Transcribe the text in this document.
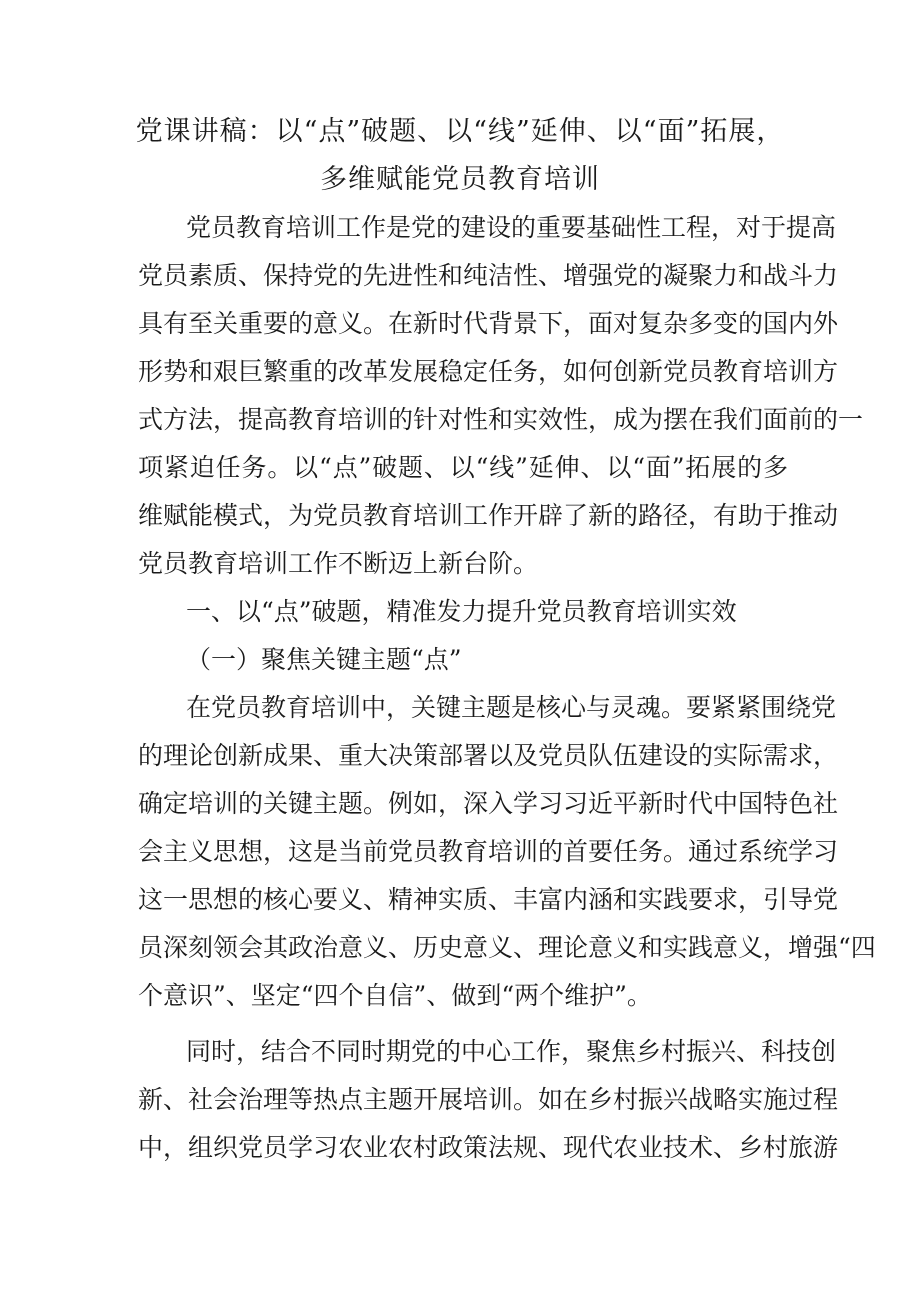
党课讲稿：以“点”破题、以“线”延伸、以“面”拓展，
多维赋能党员教育培训
党员教育培训工作是党的建设的重要基础性工程，对于提高
党员素质、保持党的先进性和纯洁性、增强党的凝聚力和战斗力
具有至关重要的意义。在新时代背景下，面对复杂多变的国内外
形势和艰巨繁重的改革发展稳定任务，如何创新党员教育培训方
式方法，提高教育培训的针对性和实效性，成为摆在我们面前的一
项紧迫任务。以“点”破题、以“线”延伸、以“面”拓展的多
维赋能模式，为党员教育培训工作开辟了新的路径，有助于推动
党员教育培训工作不断迈上新台阶。
一、以“点”破题，精准发力提升党员教育培训实效
（一）聚焦关键主题“点”
在党员教育培训中，关键主题是核心与灵魂。要紧紧围绕党
的理论创新成果、重大决策部署以及党员队伍建设的实际需求，
确定培训的关键主题。例如，深入学习习近平新时代中国特色社
会主义思想，这是当前党员教育培训的首要任务。通过系统学习
这一思想的核心要义、精神实质、丰富内涵和实践要求，引导党
员深刻领会其政治意义、历史意义、理论意义和实践意义，增强“四
个意识”、坚定“四个自信”、做到“两个维护”。
同时，结合不同时期党的中心工作，聚焦乡村振兴、科技创
新、社会治理等热点主题开展培训。如在乡村振兴战略实施过程
中，组织党员学习农业农村政策法规、现代农业技术、乡村旅游
